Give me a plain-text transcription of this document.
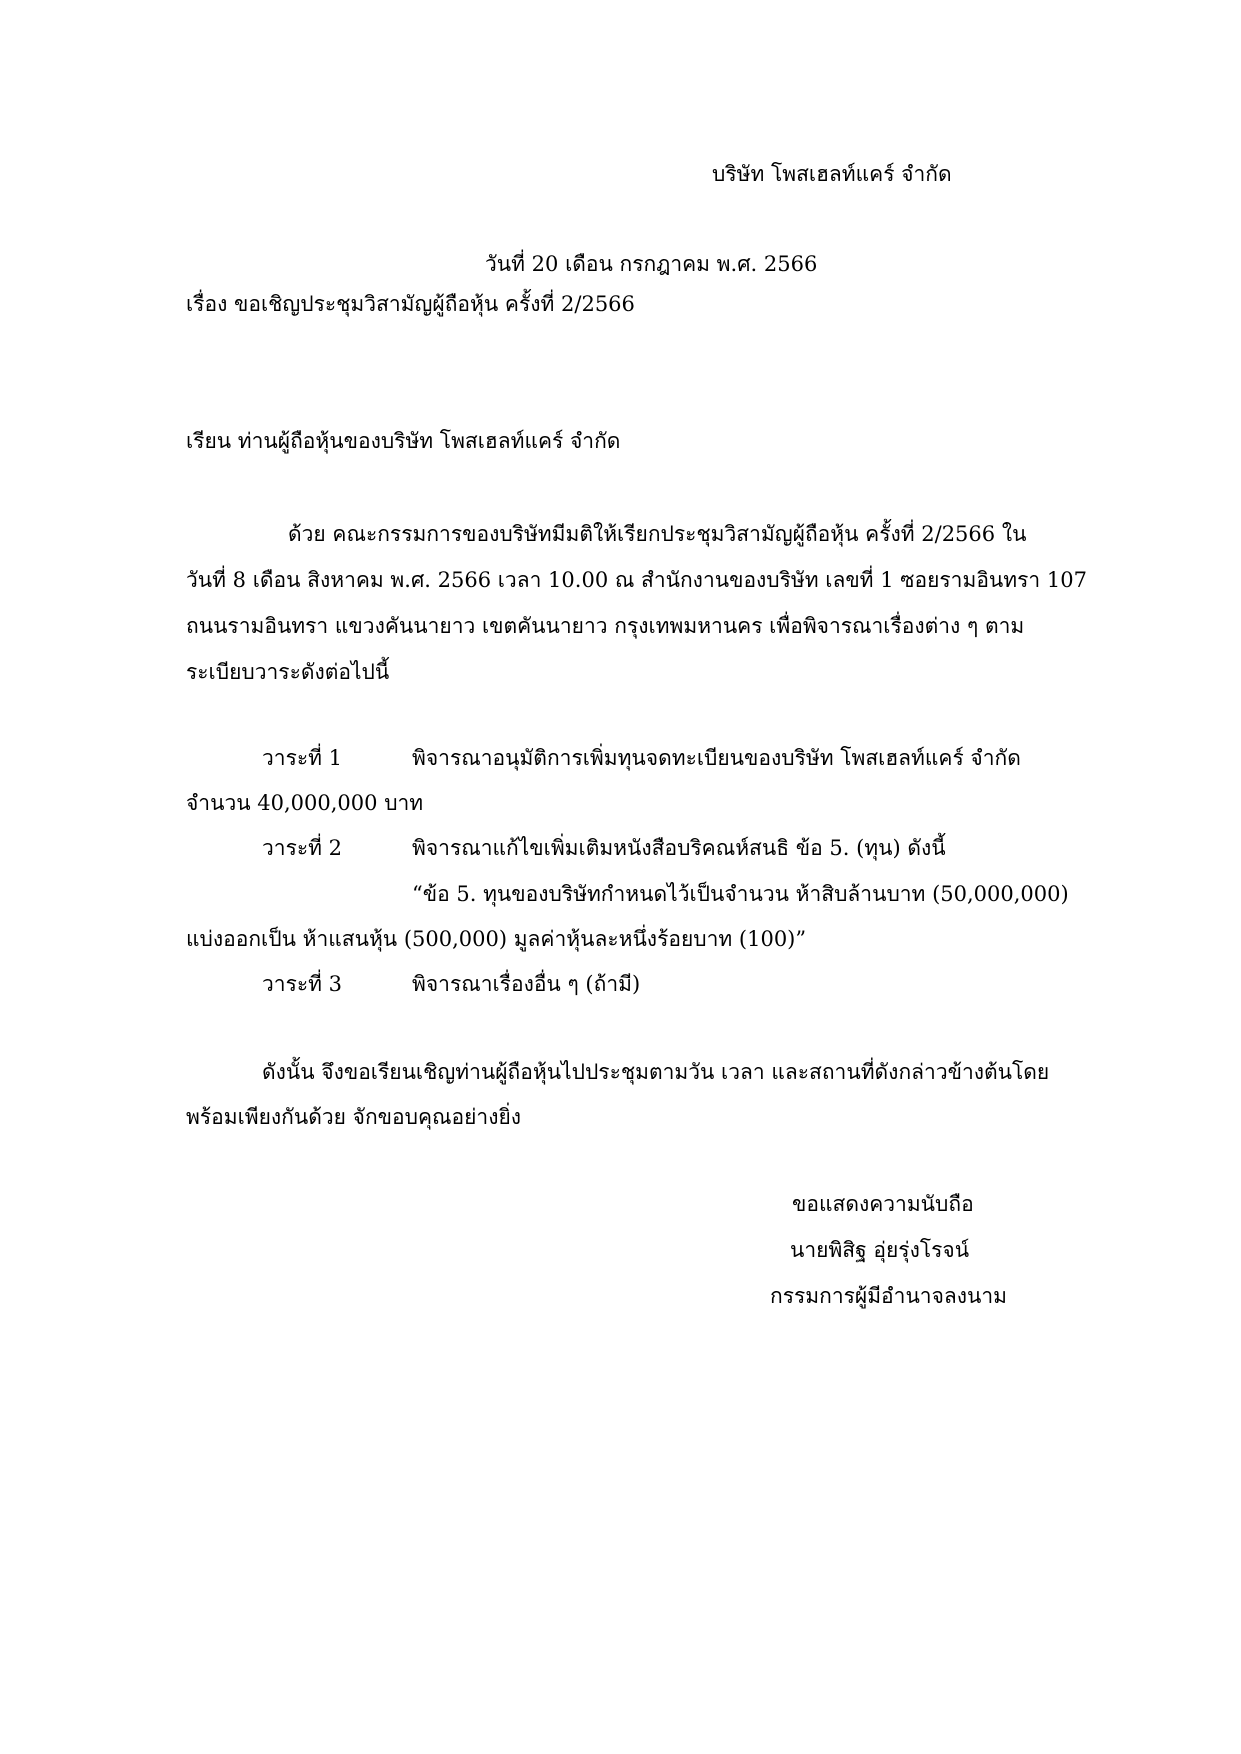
บริษัท โพสเฮลท์แคร์ จำกัด
วันที่ 20 เดือน กรกฎาคม พ.ศ. 2566
เรื่อง ขอเชิญประชุมวิสามัญผู้ถือหุ้น ครั้งที่ 2/2566
เรียน ท่านผู้ถือหุ้นของบริษัท โพสเฮลท์แคร์ จำกัด
ด้วย คณะกรรมการของบริษัทมีมติให้เรียกประชุมวิสามัญผู้ถือหุ้น ครั้งที่ 2/2566 ใน
วันที่ 8 เดือน สิงหาคม พ.ศ. 2566 เวลา 10.00 ณ สำนักงานของบริษัท เลขที่ 1 ซอยรามอินทรา 107
ถนนรามอินทรา แขวงคันนายาว เขตคันนายาว กรุงเทพมหานคร เพื่อพิจารณาเรื่องต่าง ๆ ตาม
ระเบียบวาระดังต่อไปนี้
วาระที่ 1	พิจารณาอนุมัติการเพิ่มทุนจดทะเบียนของบริษัท โพสเฮลท์แคร์ จำกัด
จำนวน 40,000,000 บาท
วาระที่ 2	พิจารณาแก้ไขเพิ่มเติมหนังสือบริคณห์สนธิ ข้อ 5. (ทุน) ดังนี้
“ข้อ 5. ทุนของบริษัทกำหนดไว้เป็นจำนวน ห้าสิบล้านบาท (50,000,000)
แบ่งออกเป็น ห้าแสนหุ้น (500,000) มูลค่าหุ้นละหนึ่งร้อยบาท (100)”
วาระที่ 3	พิจารณาเรื่องอื่น ๆ (ถ้ามี)
ดังนั้น จึงขอเรียนเชิญท่านผู้ถือหุ้นไปประชุมตามวัน เวลา และสถานที่ดังกล่าวข้างต้นโดย
พร้อมเพียงกันด้วย จักขอบคุณอย่างยิ่ง
ขอแสดงความนับถือ
นายพิสิฐ อุ่ยรุ่งโรจน์
กรรมการผู้มีอำนาจลงนาม
